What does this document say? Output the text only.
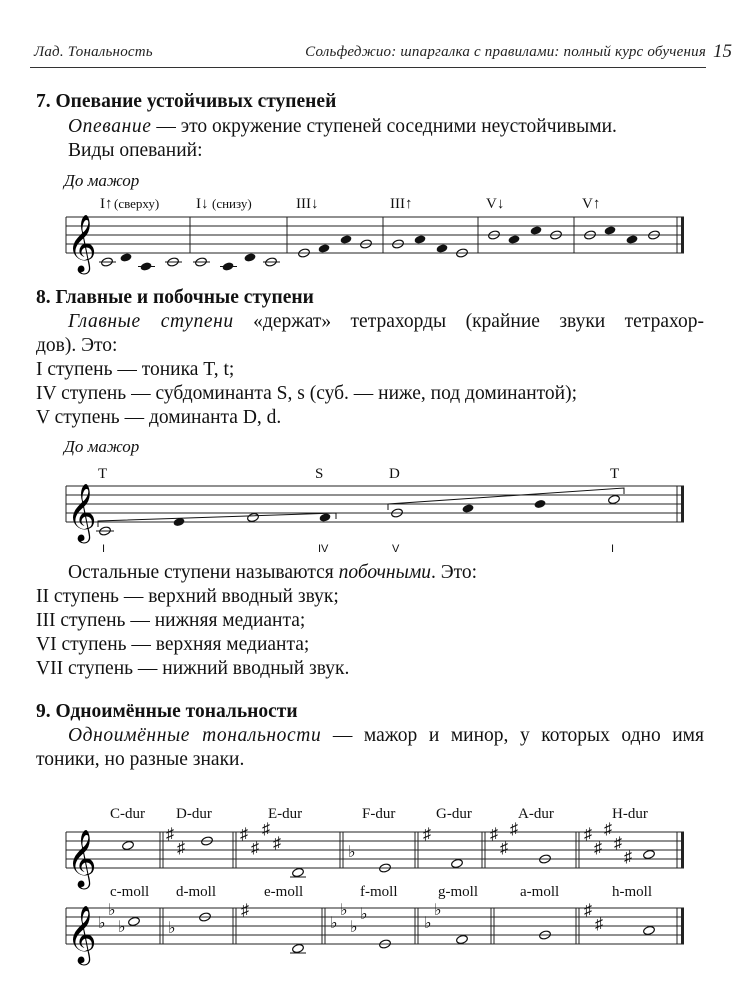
Лад. Тональность	Сольфеджио: шпаргалка с правилами: полный курс обучения 15
7. Опевание устойчивых ступеней
Опевание — это окружение ступеней соседними неустойчивыми.
Виды опеваний:
До мажор
𝄞
I↑ (сверху) I↓ (снизу)	III↓	III↑	V↓	V↑
8. Главные и побочные ступени
Главные ступени «держат» тетрахорды (крайние звуки тетрахор-
дов). Это:
I ступень — тоника T, t;
IV ступень — субдоминанта S, s (суб. — ниже, под доминантой);
V ступень — доминанта D, d.
До мажор
𝄞
T	S	D	T
I	IV	V	I
Остальные ступени называются побочными. Это:
II ступень — верхний вводный звук;
III ступень — нижняя медианта;
VI ступень — верхняя медианта;
VII ступень — нижний вводный звук.
9. Одноимённые тональности
Одноимённые тональности — мажор и минор, у которых одно имя
тоники, но разные знаки.
𝄞
C-dur D-dur	E-dur	F-dur	G-dur	A-dur	H-dur
♯
♯
♯
♯
♯
♯
♭
♯	♯
♯
♯	♯
♯
♯
♯
♯
𝄞
c-moll d-moll	e-moll	f-moll	g-moll	a-moll	h-moll
♭
♭
♭	♭
♯
♭
♭
♭
♭
♭
♭	♯
♯
